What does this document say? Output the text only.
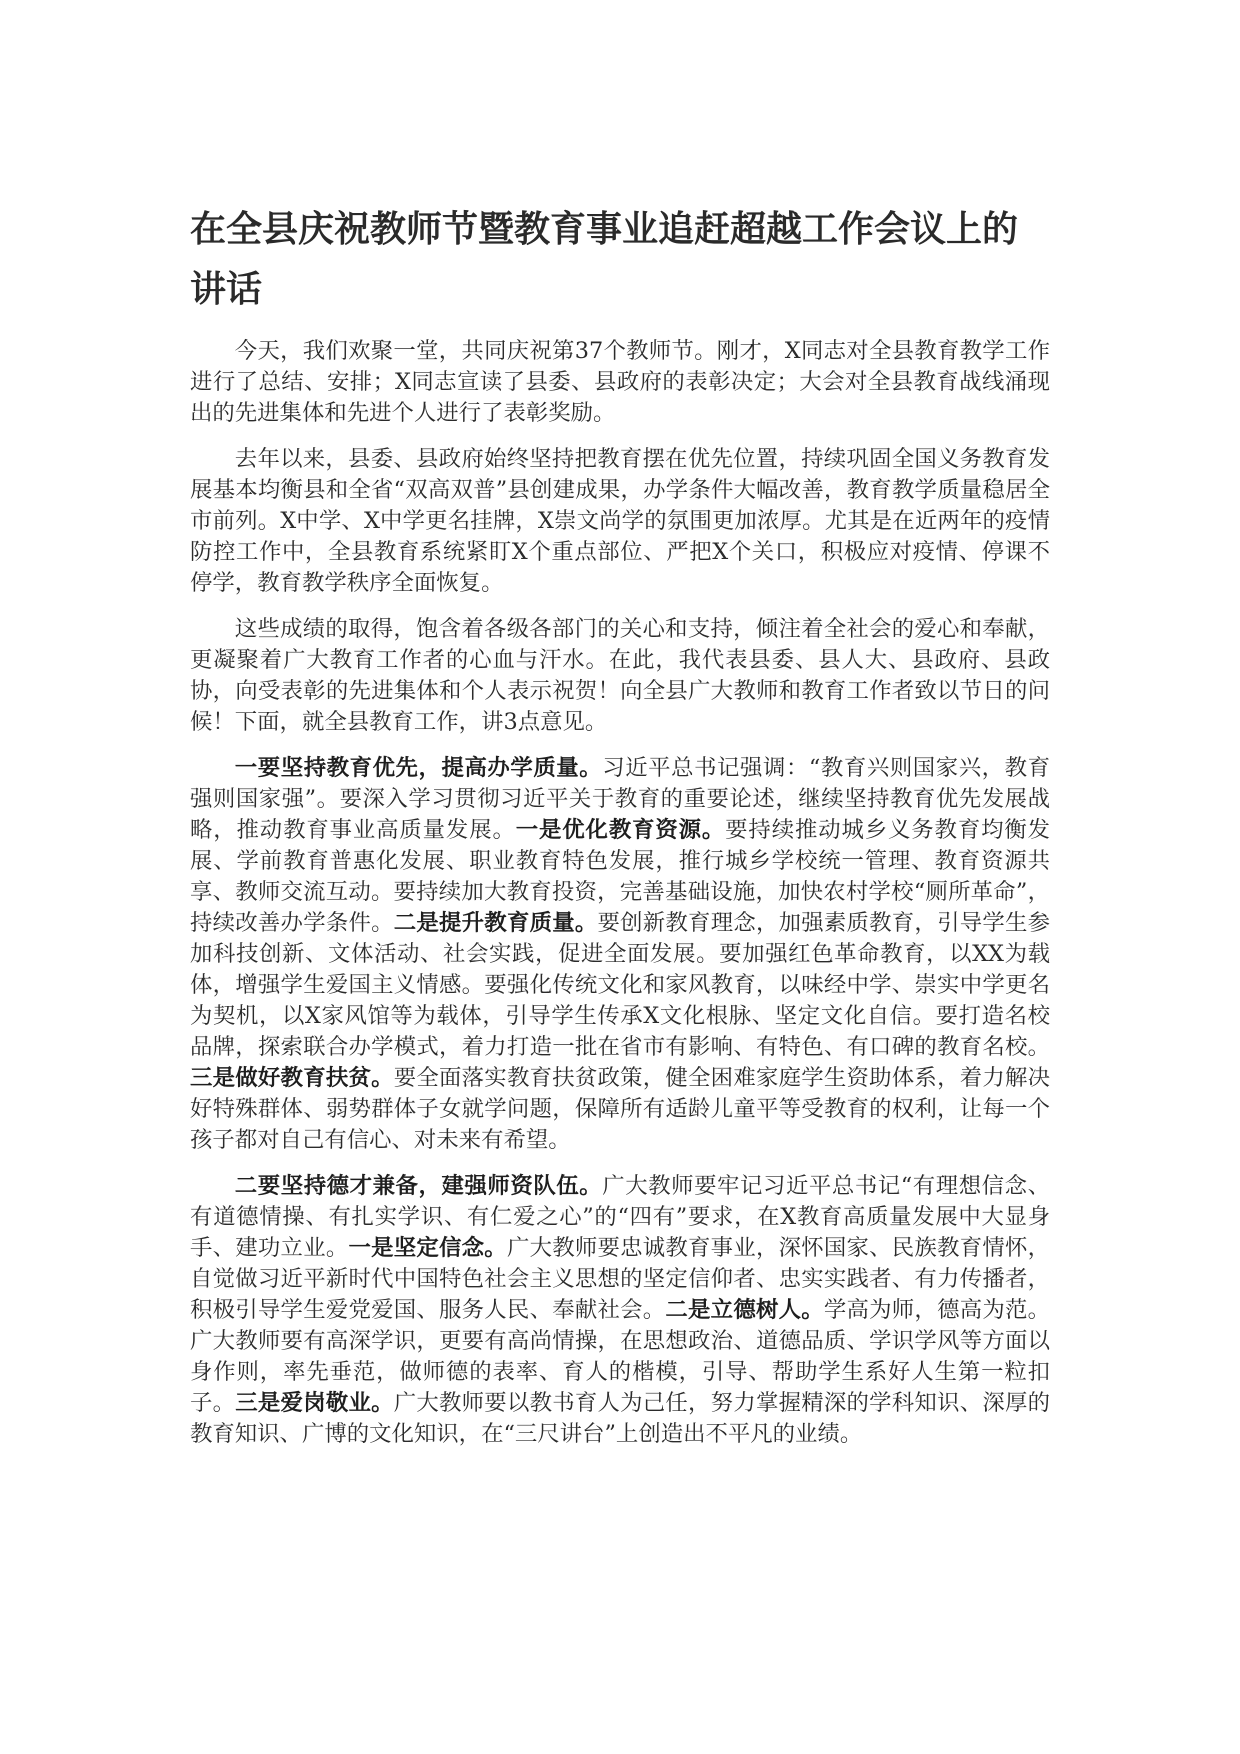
在全县庆祝教师节暨教育事业追赶超越工作会议上的讲话

今天，我们欢聚一堂，共同庆祝第37个教师节。刚才，X同志对全县教育教学工作进行了总结、安排；X同志宣读了县委、县政府的表彰决定；大会对全县教育战线涌现出的先进集体和先进个人进行了表彰奖励。

去年以来，县委、县政府始终坚持把教育摆在优先位置，持续巩固全国义务教育发展基本均衡县和全省“双高双普”县创建成果，办学条件大幅改善，教育教学质量稳居全市前列。X中学、X中学更名挂牌，X崇文尚学的氛围更加浓厚。尤其是在近两年的疫情防控工作中，全县教育系统紧盯X个重点部位、严把X个关口，积极应对疫情、停课不停学，教育教学秩序全面恢复。

这些成绩的取得，饱含着各级各部门的关心和支持，倾注着全社会的爱心和奉献，更凝聚着广大教育工作者的心血与汗水。在此，我代表县委、县人大、县政府、县政协，向受表彰的先进集体和个人表示祝贺！向全县广大教师和教育工作者致以节日的问候！下面，就全县教育工作，讲3点意见。

一要坚持教育优先，提高办学质量。习近平总书记强调：“教育兴则国家兴，教育强则国家强”。要深入学习贯彻习近平关于教育的重要论述，继续坚持教育优先发展战略，推动教育事业高质量发展。一是优化教育资源。要持续推动城乡义务教育均衡发展、学前教育普惠化发展、职业教育特色发展，推行城乡学校统一管理、教育资源共享、教师交流互动。要持续加大教育投资，完善基础设施，加快农村学校“厕所革命”，持续改善办学条件。二是提升教育质量。要创新教育理念，加强素质教育，引导学生参加科技创新、文体活动、社会实践，促进全面发展。要加强红色革命教育，以XX为载体，增强学生爱国主义情感。要强化传统文化和家风教育，以味经中学、崇实中学更名为契机，以X家风馆等为载体，引导学生传承X文化根脉、坚定文化自信。要打造名校品牌，探索联合办学模式，着力打造一批在省市有影响、有特色、有口碑的教育名校。三是做好教育扶贫。要全面落实教育扶贫政策，健全困难家庭学生资助体系，着力解决好特殊群体、弱势群体子女就学问题，保障所有适龄儿童平等受教育的权利，让每一个孩子都对自己有信心、对未来有希望。

二要坚持德才兼备，建强师资队伍。广大教师要牢记习近平总书记“有理想信念、有道德情操、有扎实学识、有仁爱之心”的“四有”要求，在X教育高质量发展中大显身手、建功立业。一是坚定信念。广大教师要忠诚教育事业，深怀国家、民族教育情怀，自觉做习近平新时代中国特色社会主义思想的坚定信仰者、忠实实践者、有力传播者，积极引导学生爱党爱国、服务人民、奉献社会。二是立德树人。学高为师，德高为范。广大教师要有高深学识，更要有高尚情操，在思想政治、道德品质、学识学风等方面以身作则，率先垂范，做师德的表率、育人的楷模，引导、帮助学生系好人生第一粒扣子。三是爱岗敬业。广大教师要以教书育人为己任，努力掌握精深的学科知识、深厚的教育知识、广博的文化知识，在“三尺讲台”上创造出不平凡的业绩。
